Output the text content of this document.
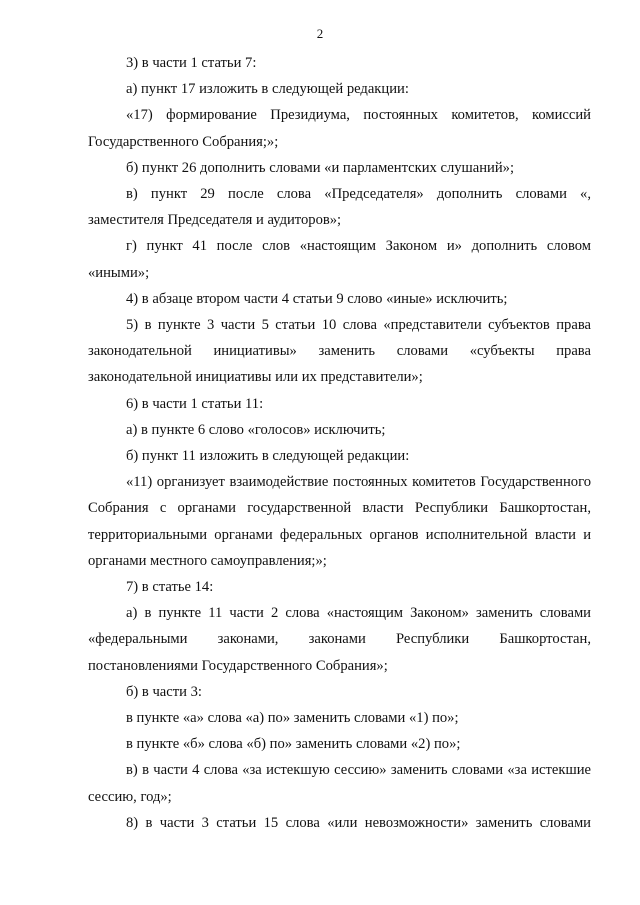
2

3) в части 1 статьи 7:

а) пункт 17 изложить в следующей редакции:

«17) формирование Президиума, постоянных комитетов, комиссий Государственного Собрания;»;

б) пункт 26 дополнить словами «и парламентских слушаний»;

в) пункт 29 после слова «Председателя» дополнить словами «, заместителя Председателя и аудиторов»;

г) пункт 41 после слов «настоящим Законом и» дополнить словом «иными»;

4) в абзаце втором части 4 статьи 9 слово «иные» исключить;

5) в пункте 3 части 5 статьи 10 слова «представители субъектов права законодательной инициативы» заменить словами «субъекты права законодательной инициативы или их представители»;

6) в части 1 статьи 11:

а) в пункте 6 слово «голосов» исключить;

б) пункт 11 изложить в следующей редакции:

«11) организует взаимодействие постоянных комитетов Государственного Собрания с органами государственной власти Республики Башкортостан, территориальными органами федеральных органов исполнительной власти и органами местного самоуправления;»;

7) в статье 14:

а) в пункте 11 части 2 слова «настоящим Законом» заменить словами «федеральными законами, законами Республики Башкортостан, постановлениями Государственного Собрания»;

б) в части 3:

в пункте «а» слова «а) по» заменить словами «1) по»;

в пункте «б» слова «б) по» заменить словами «2) по»;

в) в части 4 слова «за истекшую сессию» заменить словами «за истекшие сессию, год»;

8) в части 3 статьи 15 слова «или невозможности» заменить словами
